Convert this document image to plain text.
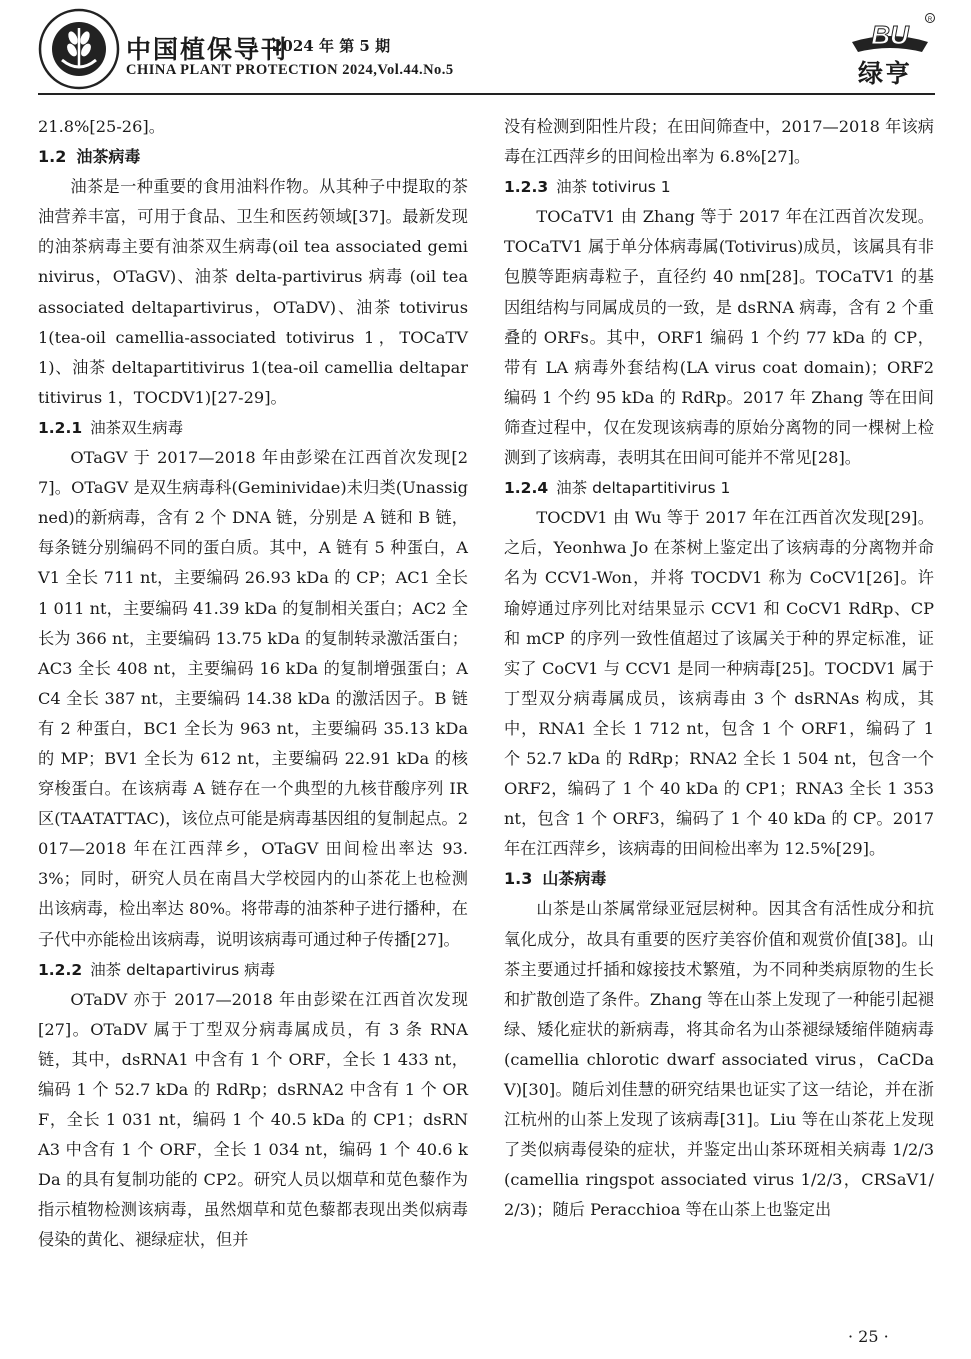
中国植保导刊
2024 年 第 5 期
CHINA PLANT PROTECTION 2024,Vol.44.No.5
BU	R
绿亨

21.8%[25-26]。

1.2 油茶病毒

油茶是一种重要的食用油料作物。从其种子中提取的茶油营养丰富，可用于食品、卫生和医药领域[37]。最新发现的油茶病毒主要有油茶双生病毒(oil tea associated geminivirus，OTaGV)、油茶 delta-partivirus 病毒 (oil tea associated deltapartivirus，OTaDV)、油茶 totivirus 1(tea-oil camellia-associated totivirus 1，TOCaTV1)、油茶 deltapartitivirus 1(tea-oil camellia deltapartitivirus 1，TOCDV1)[27-29]。

1.2.1 油茶双生病毒

OTaGV 于 2017—2018 年由彭梁在江西首次发现[27]。OTaGV 是双生病毒科(Geminividae)未归类(Unassigned)的新病毒，含有 2 个 DNA 链，分别是 A 链和 B 链，每条链分别编码不同的蛋白质。其中，A 链有 5 种蛋白，AV1 全长 711 nt，主要编码 26.93 kDa 的 CP；AC1 全长 1 011 nt，主要编码 41.39 kDa 的复制相关蛋白；AC2 全长为 366 nt，主要编码 13.75 kDa 的复制转录激活蛋白；AC3 全长 408 nt，主要编码 16 kDa 的复制增强蛋白；AC4 全长 387 nt，主要编码 14.38 kDa 的激活因子。B 链有 2 种蛋白，BC1 全长为 963 nt，主要编码 35.13 kDa 的 MP；BV1 全长为 612 nt，主要编码 22.91 kDa 的核穿梭蛋白。在该病毒 A 链存在一个典型的九核苷酸序列 IR 区(TAATATTAC)，该位点可能是病毒基因组的复制起点。2017—2018 年在江西萍乡，OTaGV 田间检出率达 93.3%；同时，研究人员在南昌大学校园内的山茶花上也检测出该病毒，检出率达 80%。将带毒的油茶种子进行播种，在子代中亦能检出该病毒，说明该病毒可通过种子传播[27]。

1.2.2 油茶 deltapartivirus 病毒

OTaDV 亦于 2017—2018 年由彭梁在江西首次发现[27]。OTaDV 属于丁型双分病毒属成员，有 3 条 RNA 链，其中，dsRNA1 中含有 1 个 ORF，全长 1 433 nt，编码 1 个 52.7 kDa 的 RdRp；dsRNA2 中含有 1 个 ORF，全长 1 031 nt，编码 1 个 40.5 kDa 的 CP1；dsRNA3 中含有 1 个 ORF，全长 1 034 nt，编码 1 个 40.6 kDa 的具有复制功能的 CP2。研究人员以烟草和苋色藜作为指示植物检测该病毒，虽然烟草和苋色藜都表现出类似病毒侵染的黄化、褪绿症状，但并

没有检测到阳性片段；在田间筛查中，2017—2018 年该病毒在江西萍乡的田间检出率为 6.8%[27]。

1.2.3 油茶 totivirus 1

TOCaTV1 由 Zhang 等于 2017 年在江西首次发现。TOCaTV1 属于单分体病毒属(Totivirus)成员，该属具有非包膜等距病毒粒子，直径约 40 nm[28]。TOCaTV1 的基因组结构与同属成员的一致，是 dsRNA 病毒，含有 2 个重叠的 ORFs。其中，ORF1 编码 1 个约 77 kDa 的 CP，带有 LA 病毒外套结构(LA virus coat domain)；ORF2 编码 1 个约 95 kDa 的 RdRp。2017 年 Zhang 等在田间筛查过程中，仅在发现该病毒的原始分离物的同一棵树上检测到了该病毒，表明其在田间可能并不常见[28]。

1.2.4 油茶 deltapartitivirus 1

TOCDV1 由 Wu 等于 2017 年在江西首次发现[29]。之后，Yeonhwa Jo 在茶树上鉴定出了该病毒的分离物并命名为 CCV1-Won，并将 TOCDV1 称为 CoCV1[26]。许瑜婷通过序列比对结果显示 CCV1 和 CoCV1 RdRp、CP 和 mCP 的序列一致性值超过了该属关于种的界定标准，证实了 CoCV1 与 CCV1 是同一种病毒[25]。TOCDV1 属于丁型双分病毒属成员，该病毒由 3 个 dsRNAs 构成，其中，RNA1 全长 1 712 nt，包含 1 个 ORF1，编码了 1 个 52.7 kDa 的 RdRp；RNA2 全长 1 504 nt，包含一个 ORF2，编码了 1 个 40 kDa 的 CP1；RNA3 全长 1 353 nt，包含 1 个 ORF3，编码了 1 个 40 kDa 的 CP。2017 年在江西萍乡，该病毒的田间检出率为 12.5%[29]。

1.3 山茶病毒

山茶是山茶属常绿亚冠层树种。因其含有活性成分和抗氧化成分，故具有重要的医疗美容价值和观赏价值[38]。山茶主要通过扦插和嫁接技术繁殖，为不同种类病原物的生长和扩散创造了条件。Zhang 等在山茶上发现了一种能引起褪绿、矮化症状的新病毒，将其命名为山茶褪绿矮缩伴随病毒(camellia chlorotic dwarf associated virus，CaCDaV)[30]。随后刘佳慧的研究结果也证实了这一结论，并在浙江杭州的山茶上发现了该病毒[31]。Liu 等在山茶花上发现了类似病毒侵染的症状，并鉴定出山茶环斑相关病毒 1/2/3 (camellia ringspot associated virus 1/2/3，CRSaV1/2/3)；随后 Peracchioa 等在山茶上也鉴定出

· 25 ·
